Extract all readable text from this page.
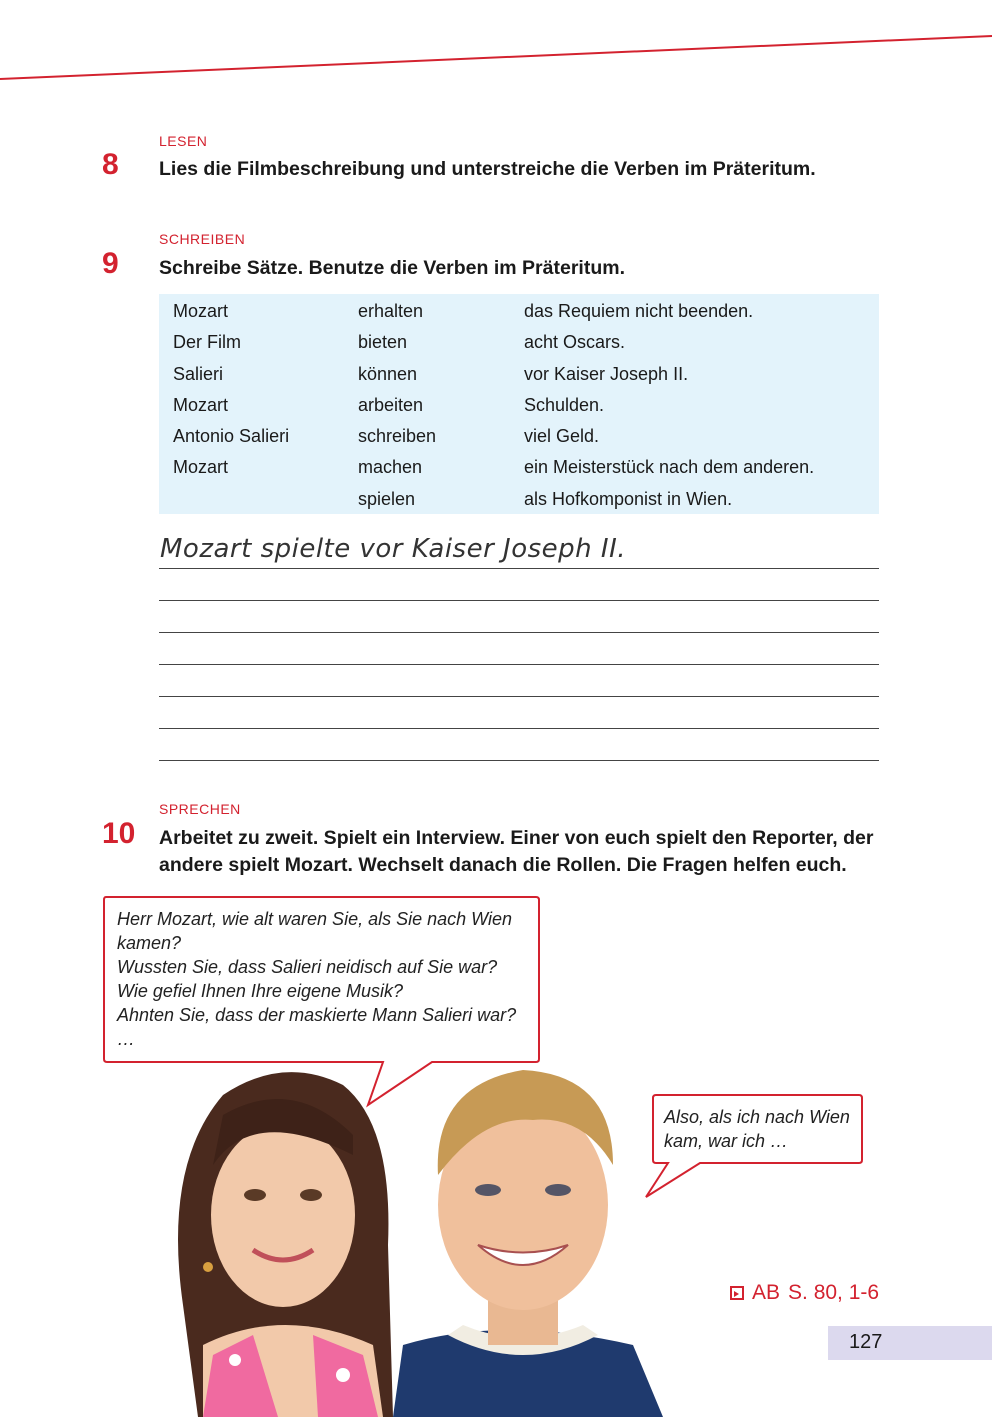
LESEN
8 Lies die Filmbeschreibung und unterstreiche die Verben im Präteritum.
SCHREIBEN
9 Schreibe Sätze. Benutze die Verben im Präteritum.
Mozart
Der Film
Salieri
Mozart
Antonio Salieri
Mozart
erhalten
bieten
können
arbeiten
schreiben
machen
spielen
das Requiem nicht beenden.
acht Oscars.
vor Kaiser Joseph II.
Schulden.
viel Geld.
ein Meisterstück nach dem anderen.
als Hofkomponist in Wien.
Mozart spielte vor Kaiser Joseph II.
SPRECHEN
10 Arbeitet zu zweit. Spielt ein Interview. Einer von euch spielt den Reporter, der
andere spielt Mozart. Wechselt danach die Rollen. Die Fragen helfen euch.
Herr Mozart, wie alt waren Sie, als Sie nach Wien
kamen?
Wussten Sie, dass Salieri neidisch auf Sie war?
Wie gefiel Ihnen Ihre eigene Musik?
Ahnten Sie, dass der maskierte Mann Salieri war?
…
Also, als ich nach Wien
kam, war ich …
AB S. 80, 1-6
127
